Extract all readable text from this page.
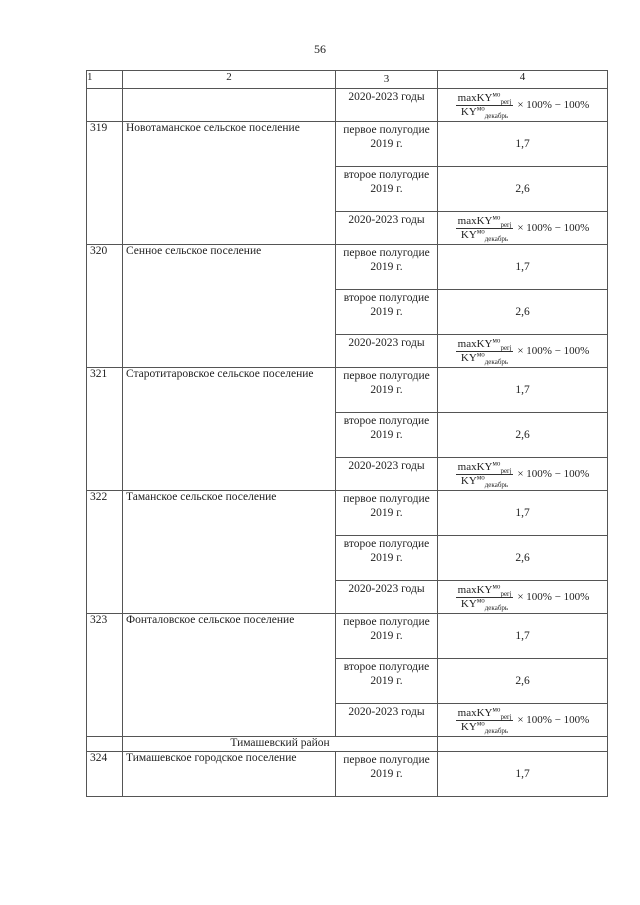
56
1	2	3	4
		2020-2023 годы	$\frac{maxKY^{мо}_{perj}}{KY^{мо}_{декабрь}} \times 100\% - 100\%$

319	Новотаманское сельское поселение	первое полугодие 2019 г.	1,7
		второе полугодие 2019 г.	2,6
		2020-2023 годы	$\frac{maxKY^{мо}_{perj}}{KY^{мо}_{декабрь}} \times 100\% - 100\%$

320	Сенное сельское поселение	первое полугодие 2019 г.	1,7
		второе полугодие 2019 г.	2,6
		2020-2023 годы	$\frac{maxKY^{мо}_{perj}}{KY^{мо}_{декабрь}} \times 100\% - 100\%$

321	Старотитаровское сельское поселение	первое полугодие 2019 г.	1,7
		второе полугодие 2019 г.	2,6
		2020-2023 годы	$\frac{maxKY^{мо}_{perj}}{KY^{мо}_{декабрь}} \times 100\% - 100\%$

322	Таманское сельское поселение	первое полугодие 2019 г.	1,7
		второе полугодие 2019 г.	2,6
		2020-2023 годы	$\frac{maxKY^{мо}_{perj}}{KY^{мо}_{декабрь}} \times 100\% - 100\%$

323	Фонталовское сельское поселение	первое полугодие 2019 г.	1,7
		второе полугодие 2019 г.	2,6
		2020-2023 годы	$\frac{maxKY^{мо}_{perj}}{KY^{мо}_{декабрь}} \times 100\% - 100\%$

	Тимашевский район		
324	Тимашевское городское поселение	первое полугодие 2019 г.	1,7
